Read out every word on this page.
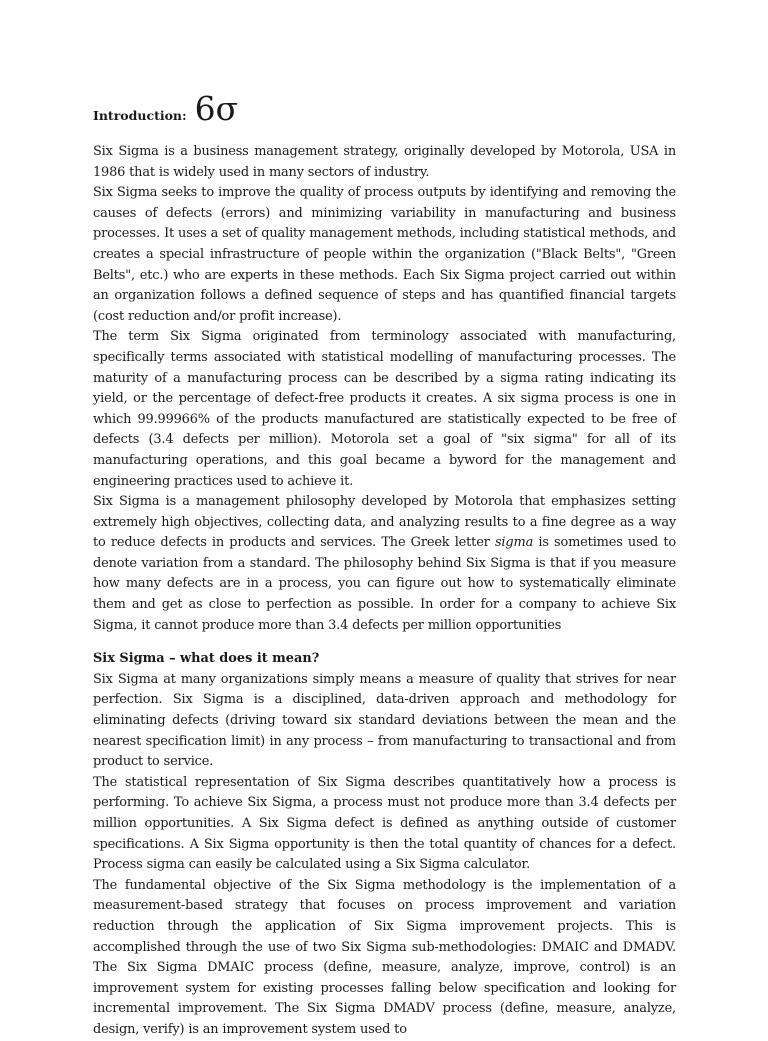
Introduction: 6σ

Six Sigma is a business management strategy, originally developed by Motorola, USA in 1986 that is widely used in many sectors of industry.

Six Sigma seeks to improve the quality of process outputs by identifying and removing the causes of defects (errors) and minimizing variability in manufacturing and business processes. It uses a set of quality management methods, including statistical methods, and creates a special infrastructure of people within the organization ("Black Belts", "Green Belts", etc.) who are experts in these methods. Each Six Sigma project carried out within an organization follows a defined sequence of steps and has quantified financial targets (cost reduction and/or profit increase).

The term Six Sigma originated from terminology associated with manufacturing, specifically terms associated with statistical modelling of manufacturing processes. The maturity of a manufacturing process can be described by a sigma rating indicating its yield, or the percentage of defect-free products it creates. A six sigma process is one in which 99.99966% of the products manufactured are statistically expected to be free of defects (3.4 defects per million). Motorola set a goal of "six sigma" for all of its manufacturing operations, and this goal became a byword for the management and engineering practices used to achieve it.

Six Sigma is a management philosophy developed by Motorola that emphasizes setting extremely high objectives, collecting data, and analyzing results to a fine degree as a way to reduce defects in products and services. The Greek letter sigma is sometimes used to denote variation from a standard. The philosophy behind Six Sigma is that if you measure how many defects are in a process, you can figure out how to systematically eliminate them and get as close to perfection as possible. In order for a company to achieve Six Sigma, it cannot produce more than 3.4 defects per million opportunities

Six Sigma – what does it mean?

Six Sigma at many organizations simply means a measure of quality that strives for near perfection. Six Sigma is a disciplined, data-driven approach and methodology for eliminating defects (driving toward six standard deviations between the mean and the nearest specification limit) in any process – from manufacturing to transactional and from product to service.

The statistical representation of Six Sigma describes quantitatively how a process is performing. To achieve Six Sigma, a process must not produce more than 3.4 defects per million opportunities. A Six Sigma defect is defined as anything outside of customer specifications. A Six Sigma opportunity is then the total quantity of chances for a defect. Process sigma can easily be calculated using a Six Sigma calculator.

The fundamental objective of the Six Sigma methodology is the implementation of a measurement-based strategy that focuses on process improvement and variation reduction through the application of Six Sigma improvement projects. This is accomplished through the use of two Six Sigma sub-methodologies: DMAIC and DMADV. The Six Sigma DMAIC process (define, measure, analyze, improve, control) is an improvement system for existing processes falling below specification and looking for incremental improvement. The Six Sigma DMADV process (define, measure, analyze, design, verify) is an improvement system used to
